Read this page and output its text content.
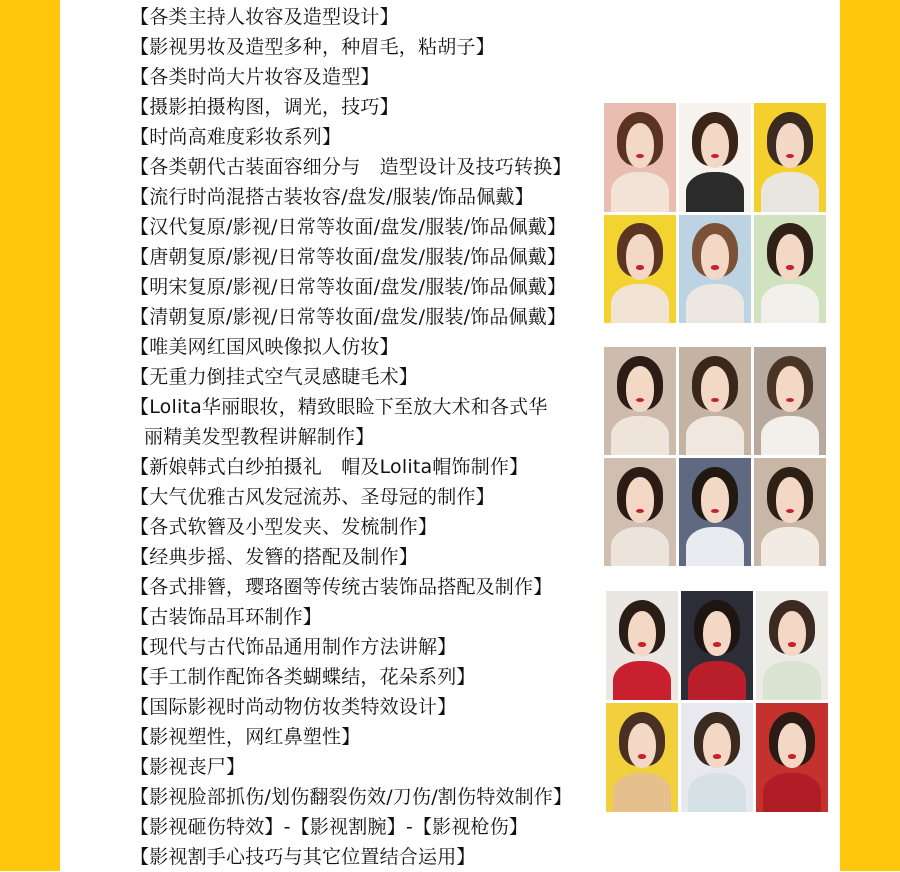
【各类主持人妆容及造型设计】
【影视男妆及造型多种，种眉毛，粘胡子】
【各类时尚大片妆容及造型】
【摄影拍摄构图，调光，技巧】
【时尚高难度彩妆系列】
【各类朝代古装面容细分与　造型设计及技巧转换】
【流行时尚混搭古装妆容/盘发/服装/饰品佩戴】
【汉代复原/影视/日常等妆面/盘发/服装/饰品佩戴】
【唐朝复原/影视/日常等妆面/盘发/服装/饰品佩戴】
【明宋复原/影视/日常等妆面/盘发/服装/饰品佩戴】
【清朝复原/影视/日常等妆面/盘发/服装/饰品佩戴】
【唯美网红国风映像拟人仿妆】
【无重力倒挂式空气灵感睫毛术】
【Lolita华丽眼妆，精致眼睑下至放大术和各式华
丽精美发型教程讲解制作】
【新娘韩式白纱拍摄礼　帽及Lolita帽饰制作】
【大气优雅古风发冠流苏、圣母冠的制作】
【各式软簪及小型发夹、发梳制作】
【经典步摇、发簪的搭配及制作】
【各式排簪，璎珞圈等传统古装饰品搭配及制作】
【古装饰品耳环制作】
【现代与古代饰品通用制作方法讲解】
【手工制作配饰各类蝴蝶结，花朵系列】
【国际影视时尚动物仿妆类特效设计】
【影视塑性，网红鼻塑性】
【影视丧尸】
【影视脸部抓伤/划伤翻裂伤效/刀伤/割伤特效制作】
【影视砸伤特效】-【影视割腕】-【影视枪伤】
【影视割手心技巧与其它位置结合运用】
